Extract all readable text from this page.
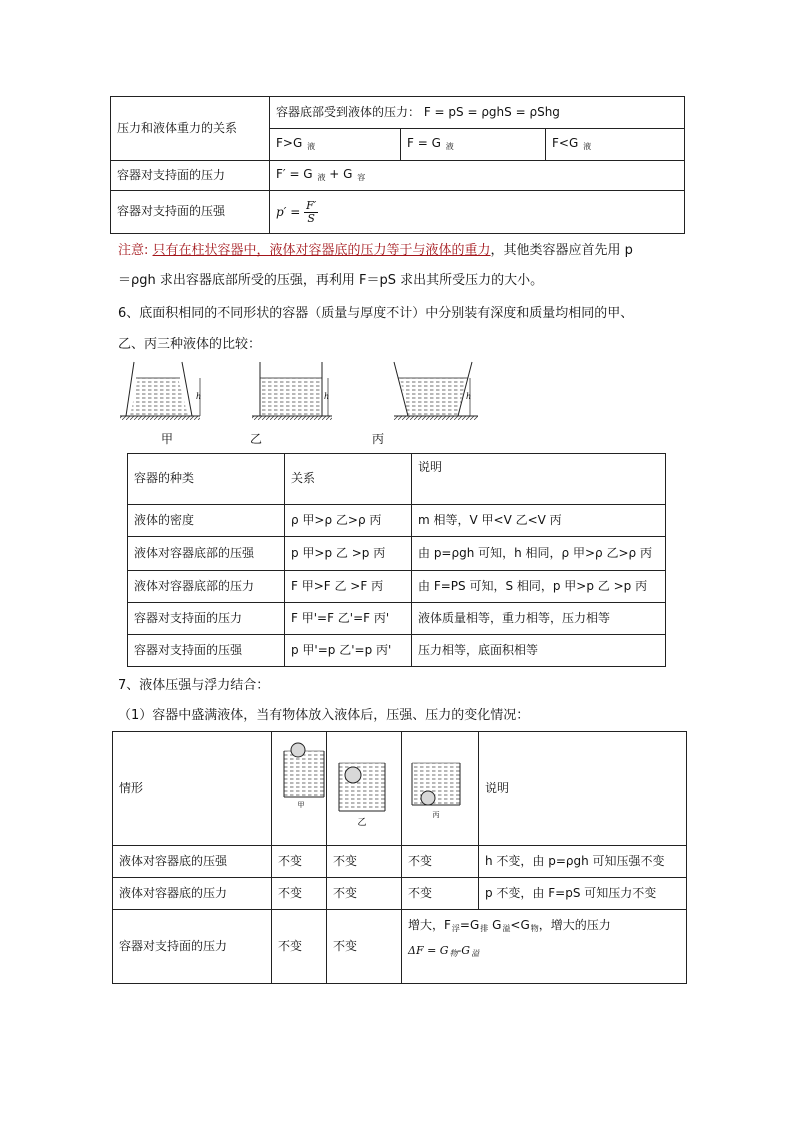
压力和液体重力的关系	容器底部受到液体的压力： F = pS = ρghS = ρShg		
	F>G $_液$	F = G $_液$	F<G $_液$
容器对支持面的压力	F′ = G $_液$ + G $_容$
容器对支持面的压强	$p' = \frac{F'}{S}$
注意: 只有在柱状容器中，液体对容器底的压力等于与液体的重力，其他类容器应首先用 p
＝ρgh 求出容器底部所受的压强，再利用 F＝pS 求出其所受压力的大小。
6、底面积相同的不同形状的容器（质量与厚度不计）中分别装有深度和质量均相同的甲、
乙、丙三种液体的比较：
h	h	h
甲	乙	丙
容器的种类	关系	说明
液体的密度	ρ 甲>ρ 乙>ρ 丙	m 相等，V 甲<V 乙<V 丙
液体对容器底部的压强	p 甲>p 乙 >p 丙	由 p=ρgh 可知，h 相同，ρ 甲>ρ 乙>ρ 丙
液体对容器底部的压力	F 甲>F 乙 >F 丙	由 F=PS 可知，S 相同，p 甲>p 乙 >p 丙
容器对支持面的压力	F 甲'=F 乙'=F 丙'	液体质量相等，重力相等，压力相等
容器对支持面的压强	p 甲'=p 乙'=p 丙'	压力相等，底面积相等
7、液体压强与浮力结合：
（1）容器中盛满液体，当有物体放入液体后，压强、压力的变化情况：
情形	甲	乙	丙	说明
液体对容器底的压强	不变	不变	不变	h 不变，由 p=ρgh 可知压强不变
液体对容器底的压力	不变	不变	不变	p 不变，由 F=pS 可知压力不变
容器对支持面的压力	不变	不变	增大，$F_浮=G_排$ $G_溢<G_物$，增大的压力
$\Delta F = G_物-G_溢$
